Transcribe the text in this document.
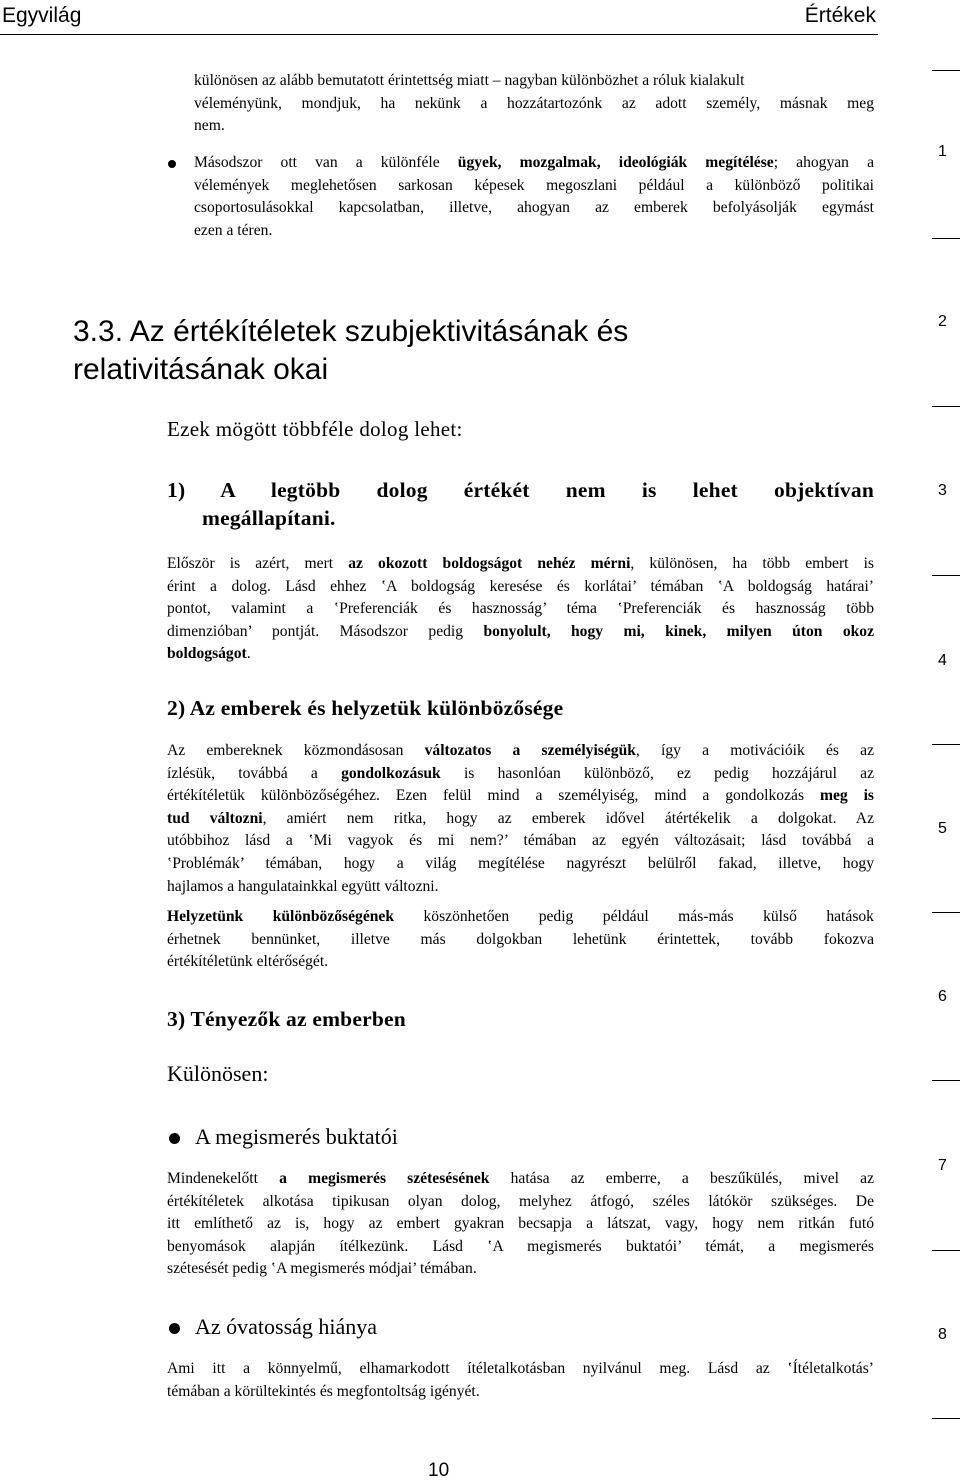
Egyvilág	Értékek
1
2
3
4
5
6
7
8
különösen az alább bemutatott érintettség miatt – nagyban különbözhet a róluk kialakult
véleményünk, mondjuk, ha nekünk a hozzátartozónk az adott személy, másnak meg
nem.
Másodszor ott van a különféle ügyek, mozgalmak, ideológiák megítélése; ahogyan a
vélemények meglehetősen sarkosan képesek megoszlani például a különböző politikai
csoportosulásokkal kapcsolatban, illetve, ahogyan az emberek befolyásolják egymást
ezen a téren.
3.3. Az értékítéletek szubjektivitásának és
relativitásának okai
Ezek mögött többféle dolog lehet:
1) A legtöbb dolog értékét nem is lehet objektívan
megállapítani.
Először is azért, mert az okozott boldogságot nehéz mérni, különösen, ha több embert is
érint a dolog. Lásd ehhez ‛A boldogság keresése és korlátai’ témában ‛A boldogság határai’
pontot, valamint a ‛Preferenciák és hasznosság’ téma ‛Preferenciák és hasznosság több
dimenzióban’ pontját. Másodszor pedig bonyolult, hogy mi, kinek, milyen úton okoz
boldogságot.
2) Az emberek és helyzetük különbözősége
Az embereknek közmondásosan változatos a személyiségük, így a motivációik és az
ízlésük, továbbá a gondolkozásuk is hasonlóan különböző, ez pedig hozzájárul az
értékítéletük különbözőségéhez. Ezen felül mind a személyiség, mind a gondolkozás meg is
tud változni, amiért nem ritka, hogy az emberek idővel átértékelik a dolgokat. Az
utóbbihoz lásd a ‛Mi vagyok és mi nem?’ témában az egyén változásait; lásd továbbá a
‛Problémák’ témában, hogy a világ megítélése nagyrészt belülről fakad, illetve, hogy
hajlamos a hangulatainkkal együtt változni.
Helyzetünk különbözőségének köszönhetően pedig például más-más külső hatások
érhetnek bennünket, illetve más dolgokban lehetünk érintettek, tovább fokozva
értékítéletünk eltérőségét.
3) Tényezők az emberben
Különösen:
A megismerés buktatói
Mindenekelőtt a megismerés szétesésének hatása az emberre, a beszűkülés, mivel az
értékítéletek alkotása tipikusan olyan dolog, melyhez átfogó, széles látókör szükséges. De
itt említhető az is, hogy az embert gyakran becsapja a látszat, vagy, hogy nem ritkán futó
benyomások alapján ítélkezünk. Lásd ‛A megismerés buktatói’ témát, a megismerés
szétesését pedig ‛A megismerés módjai’ témában.
Az óvatosság hiánya
Ami itt a könnyelmű, elhamarkodott ítéletalkotásban nyilvánul meg. Lásd az ‛Ítéletalkotás’
témában a körültekintés és megfontoltság igényét.
10
